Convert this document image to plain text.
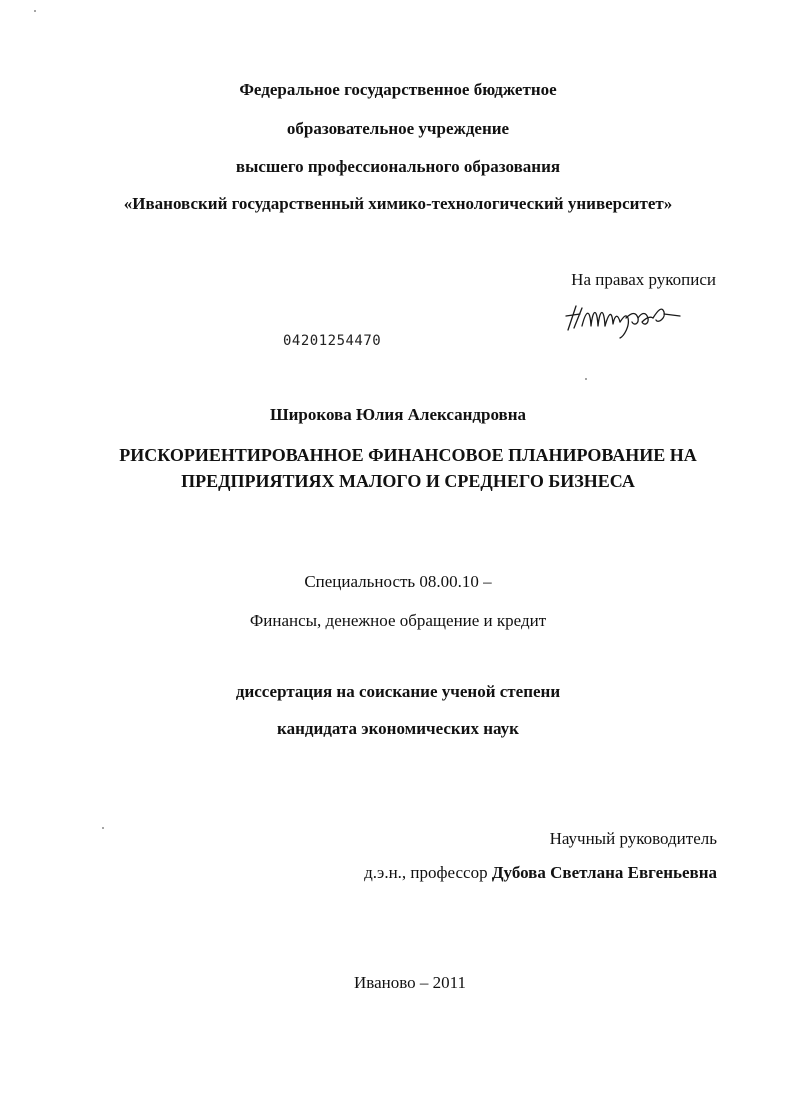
Федеральное государственное бюджетное
образовательное учреждение
высшего профессионального образования
«Ивановский государственный химико-технологический университет»
На правах рукописи
04201254470
Широкова Юлия Александровна
РИСКОРИЕНТИРОВАННОЕ ФИНАНСОВОЕ ПЛАНИРОВАНИЕ НА
ПРЕДПРИЯТИЯХ МАЛОГО И СРЕДНЕГО БИЗНЕСА
Специальность 08.00.10 –
Финансы, денежное обращение и кредит
диссертация на соискание ученой степени
кандидата экономических наук
Научный руководитель
д.э.н., профессор Дубова Светлана Евгеньевна
Иваново – 2011
